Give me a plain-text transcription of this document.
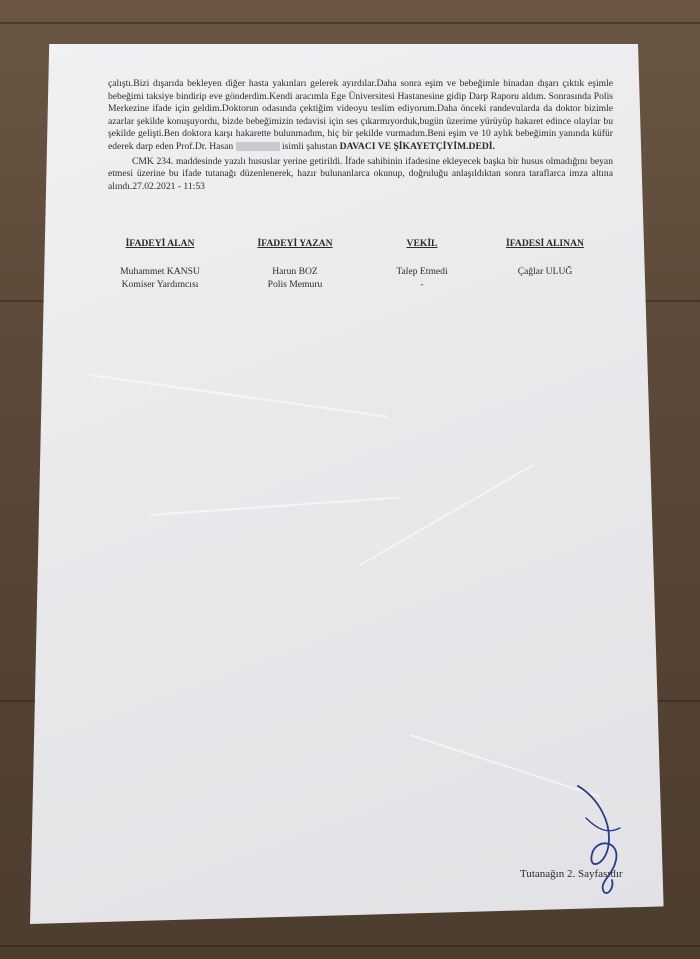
çalıştı.Bizi dışarıda bekleyen diğer hasta yakınları gelerek ayırdılar.Daha sonra eşim ve bebeğimle binadan dışarı çıktık eşimle bebeğimi taksiye bindirip eve gönderdim.Kendi aracımla Ege Üniversitesi Hastanesine gidip Darp Raporu aldım. Sonrasında Polis Merkezine ifade için geldim.Doktorun odasında çektiğim videoyu teslim ediyorum.Daha önceki randevularda da doktor bizimle azarlar şekilde konuşuyordu, bizde bebeğimizin tedavisi için ses çıkarmıyorduk,bugün üzerime yürüyüp hakaret edince olaylar bu şekilde gelişti.Ben doktora karşı hakarette bulunmadım, hiç bir şekilde vurmadım.Beni eşim ve 10 aylık bebeğimin yanında küfür ederek darp eden Prof.Dr. Hasan	isimli şahıstan DAVACI VE ŞİKAYETÇİYİM.DEDİ.

CMK 234. maddesinde yazılı hususlar yerine getirildi. İfade sahibinin ifadesine ekleyecek başka bir husus olmadığını beyan etmesi üzerine bu ifade tutanağı düzenlenerek, hazır bulunanlarca okunup, doğruluğu anlaşıldıktan sonra taraflarca imza altına alındı.27.02.2021 - 11:53

İFADEYİ ALAN
Muhammet KANSU
Komiser Yardımcısı
İFADEYİ YAZAN
Harun BOZ
Polis Memuru
VEKİL
Talep Etmedi
-
İFADESİ ALINAN
Çağlar ULUĞ
Tutanağın 2. Sayfasıdır
